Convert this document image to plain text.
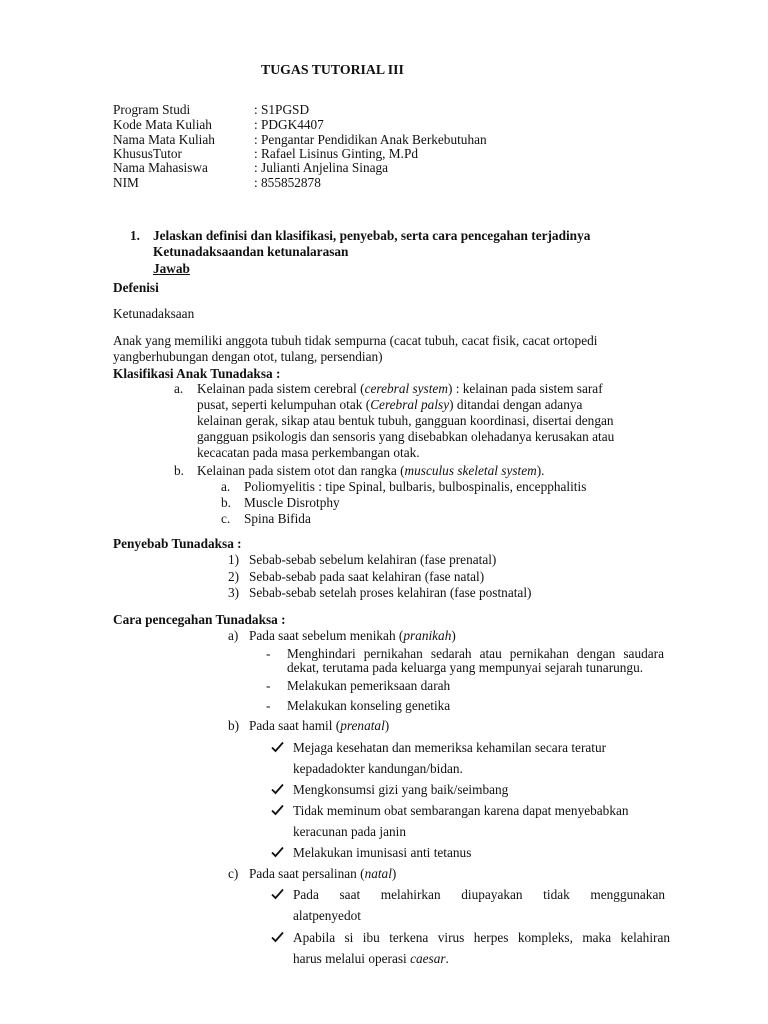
TUGAS TUTORIAL III
Program Studi	: S1PGSD
Kode Mata Kuliah	: PDGK4407
Nama Mata Kuliah	: Pengantar Pendidikan Anak Berkebutuhan
KhususTutor	: Rafael Lisinus Ginting, M.Pd
Nama Mahasiswa	: Julianti Anjelina Sinaga
NIM	: 855852878
1. Jelaskan definisi dan klasifikasi, penyebab, serta cara pencegahan terjadinya
Ketunadaksaandan ketunalarasan
Jawab
Defenisi
Ketunadaksaan
Anak yang memiliki anggota tubuh tidak sempurna (cacat tubuh, cacat fisik, cacat ortopedi
yangberhubungan dengan otot, tulang, persendian)
Klasifikasi Anak Tunadaksa :
a. Kelainan pada sistem cerebral (cerebral system) : kelainan pada sistem saraf
pusat, seperti kelumpuhan otak (Cerebral palsy) ditandai dengan adanya
kelainan gerak, sikap atau bentuk tubuh, gangguan koordinasi, disertai dengan
gangguan psikologis dan sensoris yang disebabkan olehadanya kerusakan atau
kecacatan pada masa perkembangan otak.
b. Kelainan pada sistem otot dan rangka (musculus skeletal system).
a. Poliomyelitis : tipe Spinal, bulbaris, bulbospinalis, encepphalitis
b. Muscle Disrotphy
c. Spina Bifida
Penyebab Tunadaksa :
1) Sebab-sebab sebelum kelahiran (fase prenatal)
2) Sebab-sebab pada saat kelahiran (fase natal)
3) Sebab-sebab setelah proses kelahiran (fase postnatal)
Cara pencegahan Tunadaksa :
a) Pada saat sebelum menikah (pranikah)
- Menghindari pernikahan sedarah atau pernikahan dengan saudara
dekat, terutama pada keluarga yang mempunyai sejarah tunarungu.
- Melakukan pemeriksaan darah
- Melakukan konseling genetika
b) Pada saat hamil (prenatal)
Mejaga kesehatan dan memeriksa kehamilan secara teratur
kepadadokter kandungan/bidan.
Mengkonsumsi gizi yang baik/seimbang
Tidak meminum obat sembarangan karena dapat menyebabkan
keracunan pada janin
Melakukan imunisasi anti tetanus
c) Pada saat persalinan (natal)
Pada saat melahirkan diupayakan tidak menggunakan
alatpenyedot
Apabila si ibu terkena virus herpes kompleks, maka kelahiran
harus melalui operasi caesar.
